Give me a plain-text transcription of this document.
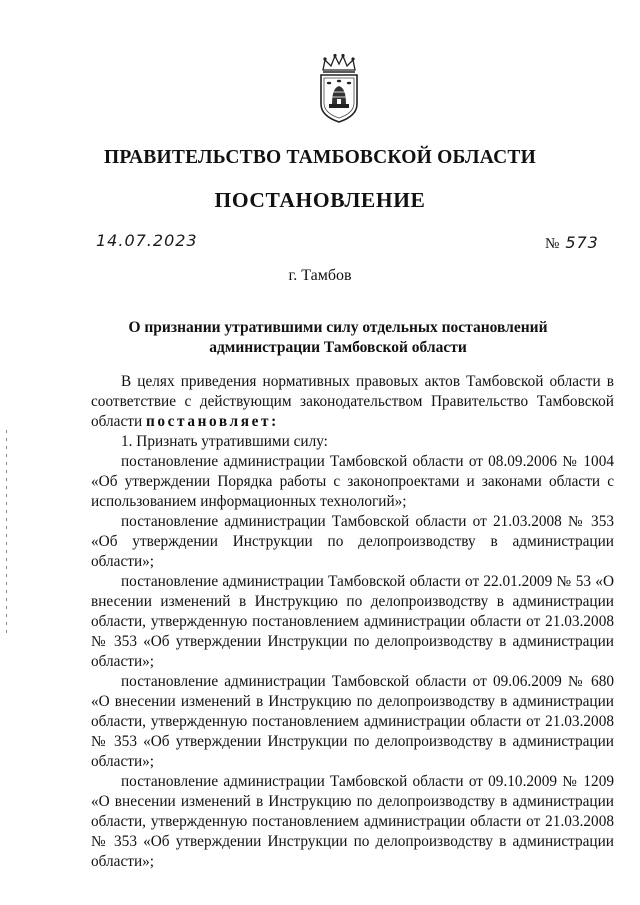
ПРАВИТЕЛЬСТВО ТАМБОВСКОЙ ОБЛАСТИ
ПОСТАНОВЛЕНИЕ
14.07.2023	№ 573
г. Тамбов
О признании утратившими силу отдельных постановлений
администрации Тамбовской области

В целях приведения нормативных правовых актов Тамбовской области в соответствие с действующим законодательством Правительство Тамбовской области постановляет:

1. Признать утратившими силу:

постановление администрации Тамбовской области от 08.09.2006 № 1004 «Об утверждении Порядка работы с законопроектами и законами области с использованием информационных технологий»;

постановление администрации Тамбовской области от 21.03.2008 № 353 «Об утверждении Инструкции по делопроизводству в администрации области»;

постановление администрации Тамбовской области от 22.01.2009 № 53 «О внесении изменений в Инструкцию по делопроизводству в администрации области, утвержденную постановлением администрации области от 21.03.2008 № 353 «Об утверждении Инструкции по делопроизводству в администрации области»;

постановление администрации Тамбовской области от 09.06.2009 № 680 «О внесении изменений в Инструкцию по делопроизводству в администрации области, утвержденную постановлением администрации области от 21.03.2008 № 353 «Об утверждении Инструкции по делопроизводству в администрации области»;

постановление администрации Тамбовской области от 09.10.2009 № 1209 «О внесении изменений в Инструкцию по делопроизводству в администрации области, утвержденную постановлением администрации области от 21.03.2008 № 353 «Об утверждении Инструкции по делопроизводству в администрации области»;
